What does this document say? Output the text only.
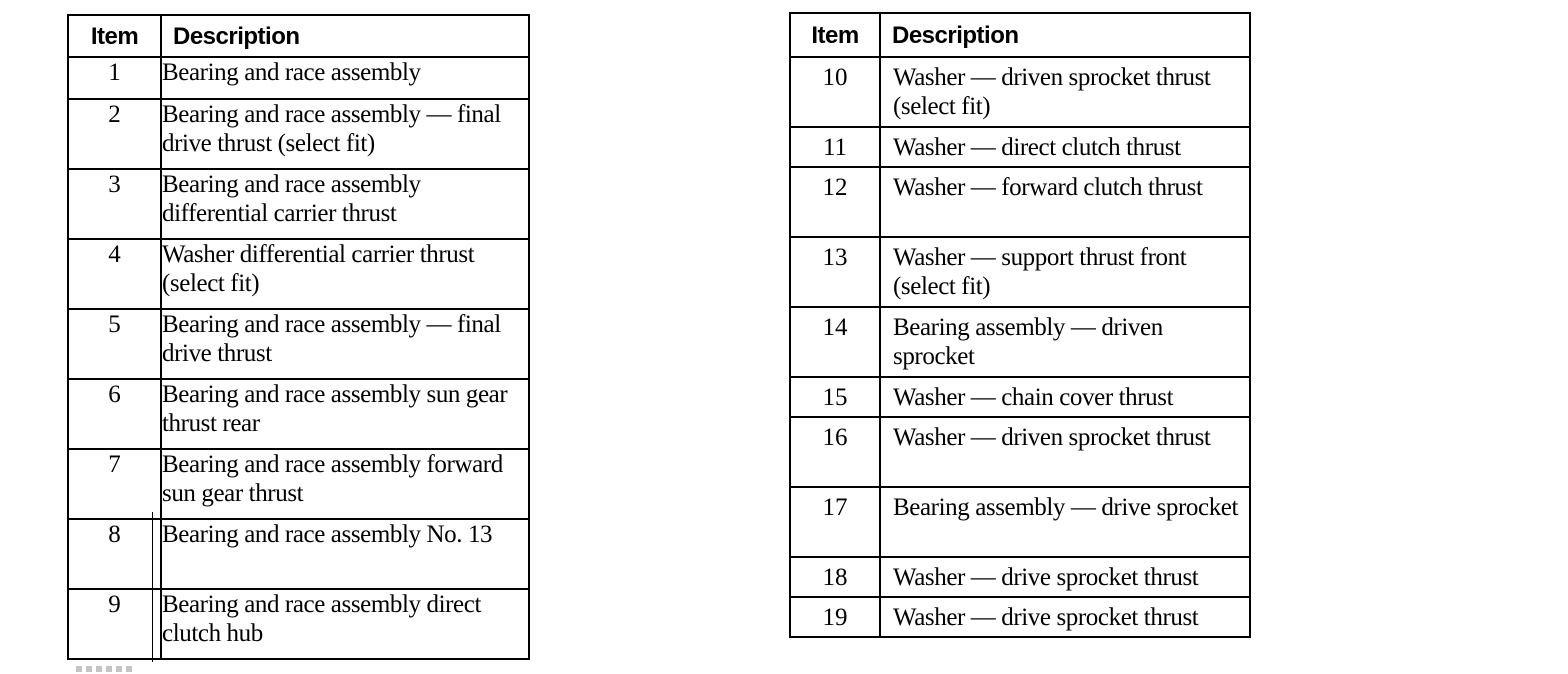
Item	Description
1	Bearing and race assembly
2	Bearing and race assembly — final drive thrust (select fit)
3	Bearing and race assembly differential carrier thrust
4	Washer differential carrier thrust (select fit)
5	Bearing and race assembly — final drive thrust
6	Bearing and race assembly sun gear thrust rear
7	Bearing and race assembly forward sun gear thrust
8	Bearing and race assembly No. 13
9	Bearing and race assembly direct clutch hub
Item	Description
10	Washer — driven sprocket thrust (select fit)
11	Washer — direct clutch thrust
12	Washer — forward clutch thrust
13	Washer — support thrust front (select fit)
14	Bearing assembly — driven sprocket
15	Washer — chain cover thrust
16	Washer — driven sprocket thrust
17	Bearing assembly — drive sprocket
18	Washer — drive sprocket thrust
19	Washer — drive sprocket thrust
